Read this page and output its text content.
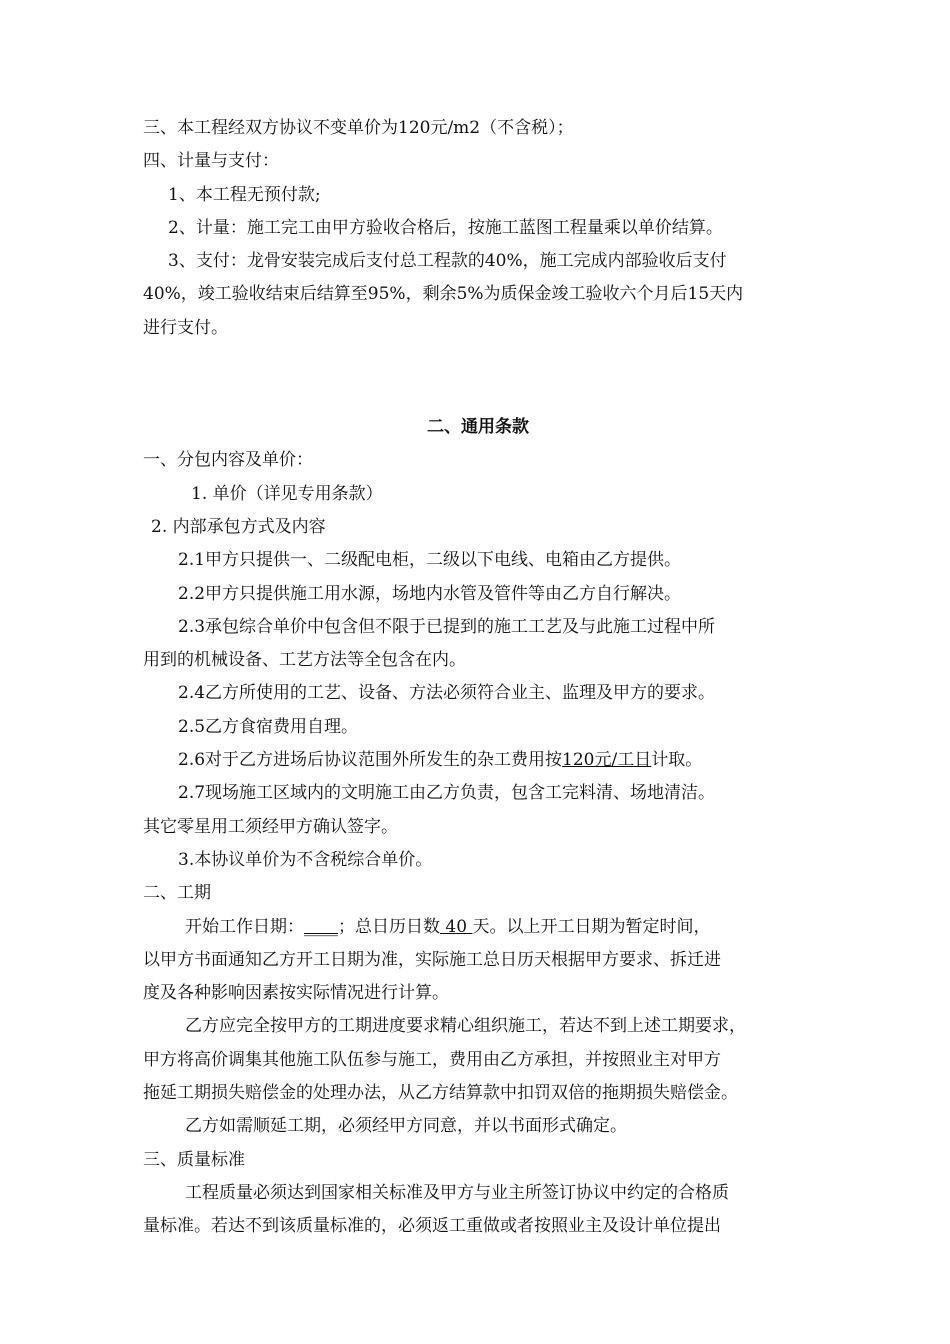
三、本工程经双方协议不变单价为120元/m2（不含税）；
四、计量与支付：
1、本工程无预付款;
2、计量：施工完工由甲方验收合格后，按施工蓝图工程量乘以单价结算。
3、支付：龙骨安装完成后支付总工程款的40%，施工完成内部验收后支付
40%，竣工验收结束后结算至95%，剩余5%为质保金竣工验收六个月后15天内
进行支付。
二、通用条款
一、分包内容及单价：
1. 单价（详见专用条款）
2. 内部承包方式及内容
2.1甲方只提供一、二级配电柜，二级以下电线、电箱由乙方提供。
2.2甲方只提供施工用水源，场地内水管及管件等由乙方自行解决。
2.3承包综合单价中包含但不限于已提到的施工工艺及与此施工过程中所
用到的机械设备、工艺方法等全包含在内。
2.4乙方所使用的工艺、设备、方法必须符合业主、监理及甲方的要求。
2.5乙方食宿费用自理。
2.6对于乙方进场后协议范围外所发生的杂工费用按120元/工日计取。
2.7现场施工区域内的文明施工由乙方负责，包含工完料清、场地清洁。
其它零星用工须经甲方确认签字。
3.本协议单价为不含税综合单价。
二、工期
开始工作日期：____；总日历日数 40 天。以上开工日期为暂定时间，
以甲方书面通知乙方开工日期为准，实际施工总日历天根据甲方要求、拆迁进
度及各种影响因素按实际情况进行计算。
乙方应完全按甲方的工期进度要求精心组织施工，若达不到上述工期要求，
甲方将高价调集其他施工队伍参与施工，费用由乙方承担，并按照业主对甲方
拖延工期损失赔偿金的处理办法，从乙方结算款中扣罚双倍的拖期损失赔偿金。
乙方如需顺延工期，必须经甲方同意，并以书面形式确定。
三、质量标准
工程质量必须达到国家相关标准及甲方与业主所签订协议中约定的合格质
量标准。若达不到该质量标准的，必须返工重做或者按照业主及设计单位提出
